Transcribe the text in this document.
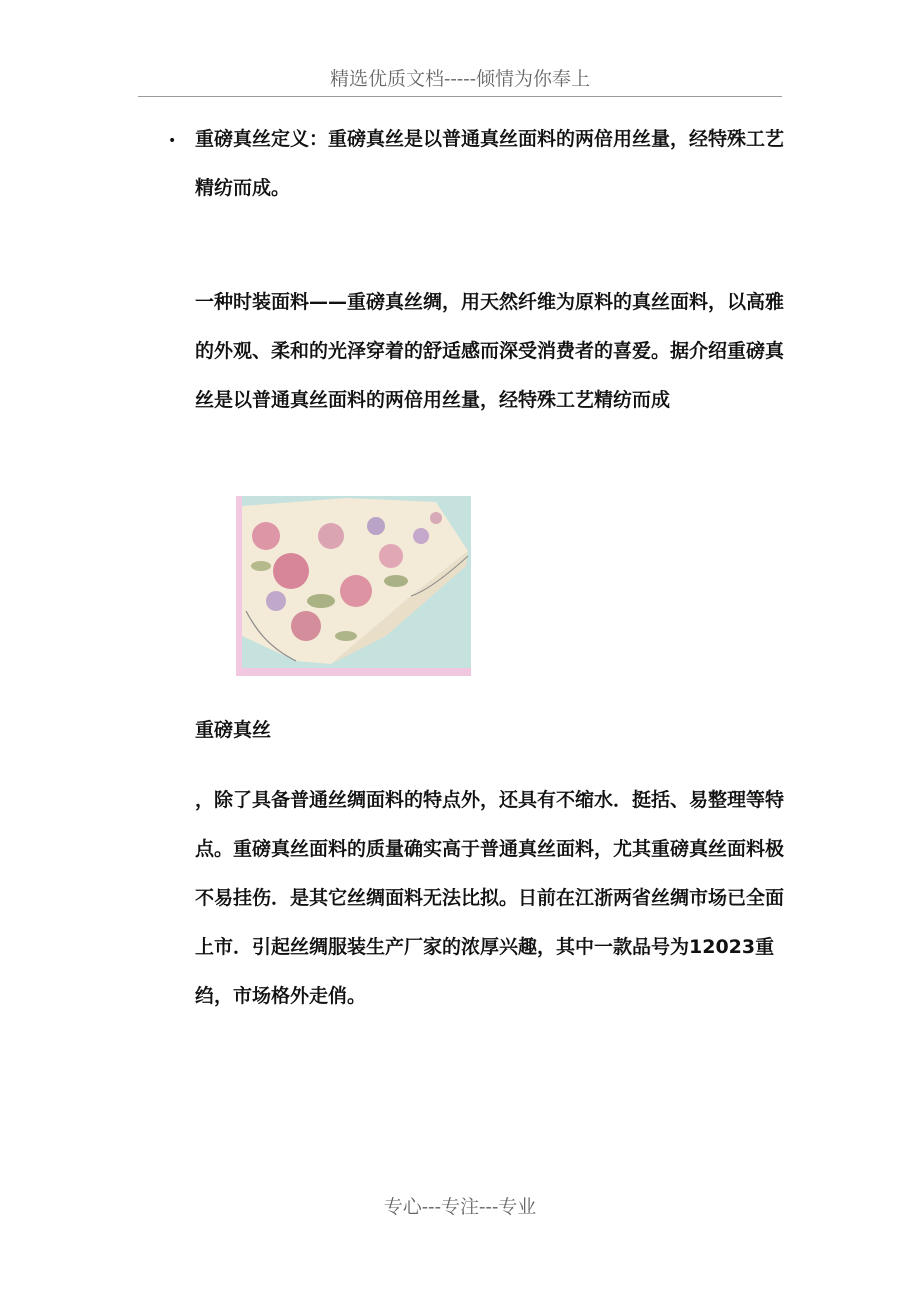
精选优质文档-----倾情为你奉上
• 重磅真丝定义：重磅真丝是以普通真丝面料的两倍用丝量，经特殊工艺精纺而成。

一种时装面料——重磅真丝绸，用天然纤维为原料的真丝面料，以高雅的外观、柔和的光泽穿着的舒适感而深受消费者的喜爱。据介绍重磅真丝是以普通真丝面料的两倍用丝量，经特殊工艺精纺而成

重磅真丝

，除了具备普通丝绸面料的特点外，还具有不缩水．挺括、易整理等特点。重磅真丝面料的质量确实高于普通真丝面料，尤其重磅真丝面料极不易挂伤．是其它丝绸面料无法比拟。日前在江浙两省丝绸市场已全面上市．引起丝绸服装生产厂家的浓厚兴趣，其中一款品号为12023重绉，市场格外走俏。

专心---专注---专业
